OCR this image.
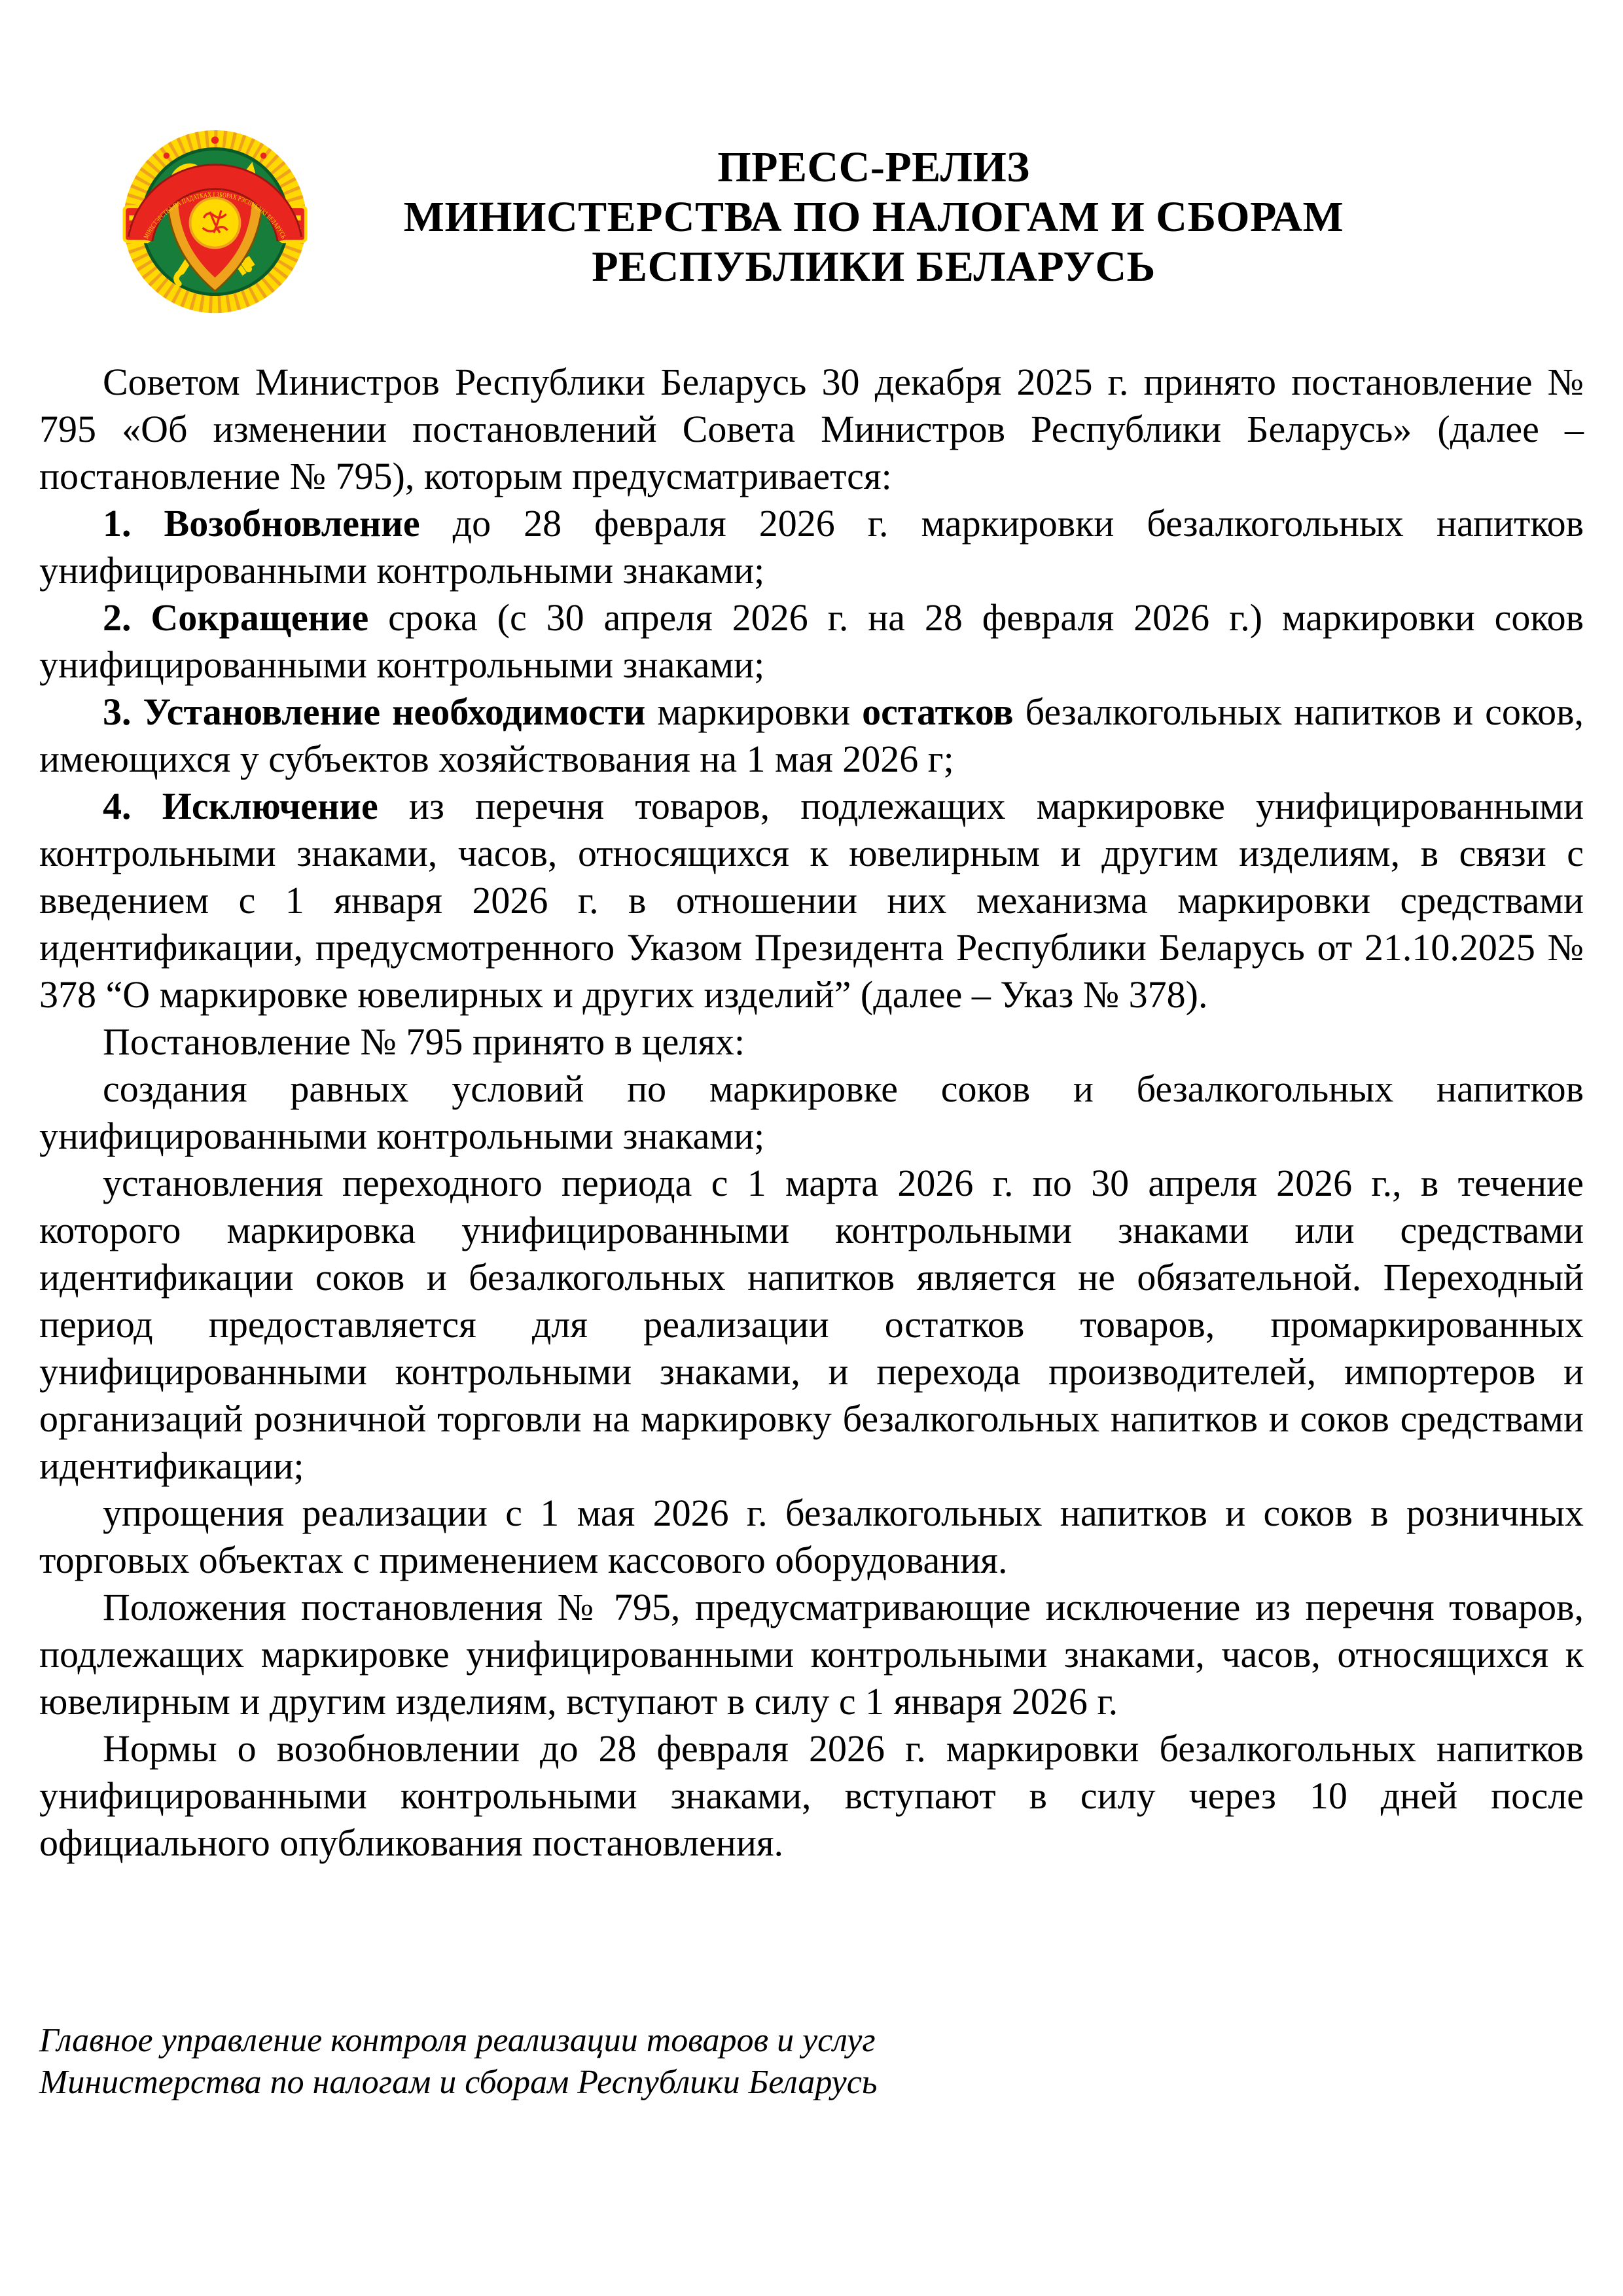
МІНІСТЭРСТВА ПА ПАДАТКАХ І ЗБОРАХ РЭСПУБЛІКІ БЕЛАРУСЬ
ПРЕСС-РЕЛИЗ
МИНИСТЕРСТВА ПО НАЛОГАМ И СБОРАМ
РЕСПУБЛИКИ БЕЛАРУСЬ

Советом Министров Республики Беларусь 30 декабря 2025 г. принято постановление № 795 «Об изменении постановлений Совета Министров Республики Беларусь» (далее – постановление № 795), которым предусматривается:

1. Возобновление до 28 февраля 2026 г. маркировки безалкогольных напитков унифицированными контрольными знаками;

2. Сокращение срока (с 30 апреля 2026 г. на 28 февраля 2026 г.) маркировки соков унифицированными контрольными знаками;

3. Установление необходимости маркировки остатков безалкогольных напитков и соков, имеющихся у субъектов хозяйствования на 1 мая 2026 г;

4. Исключение из перечня товаров, подлежащих маркировке унифицированными контрольными знаками, часов, относящихся к ювелирным и другим изделиям, в связи с введением с 1 января 2026 г. в отношении них механизма маркировки средствами идентификации, предусмотренного Указом Президента Республики Беларусь от 21.10.2025 № 378 “О маркировке ювелирных и других изделий” (далее – Указ № 378).

Постановление № 795 принято в целях:

создания равных условий по маркировке соков и безалкогольных напитков унифицированными контрольными знаками;

установления переходного периода с 1 марта 2026 г. по 30 апреля 2026 г., в течение которого маркировка унифицированными контрольными знаками или средствами идентификации соков и безалкогольных напитков является не обязательной. Переходный период предоставляется для реализации остатков товаров, промаркированных унифицированными контрольными знаками, и перехода производителей, импортеров и организаций розничной торговли на маркировку безалкогольных напитков и соков средствами идентификации;

упрощения реализации с 1 мая 2026 г. безалкогольных напитков и соков в розничных торговых объектах с применением кассового оборудования.

Положения постановления № 795, предусматривающие исключение из перечня товаров, подлежащих маркировке унифицированными контрольными знаками, часов, относящихся к ювелирным и другим изделиям, вступают в силу с 1 января 2026 г.

Нормы о возобновлении до 28 февраля 2026 г. маркировки безалкогольных напитков унифицированными контрольными знаками, вступают в силу через 10 дней после официального опубликования постановления.

Главное управление контроля реализации товаров и услуг
Министерства по налогам и сборам Республики Беларусь
